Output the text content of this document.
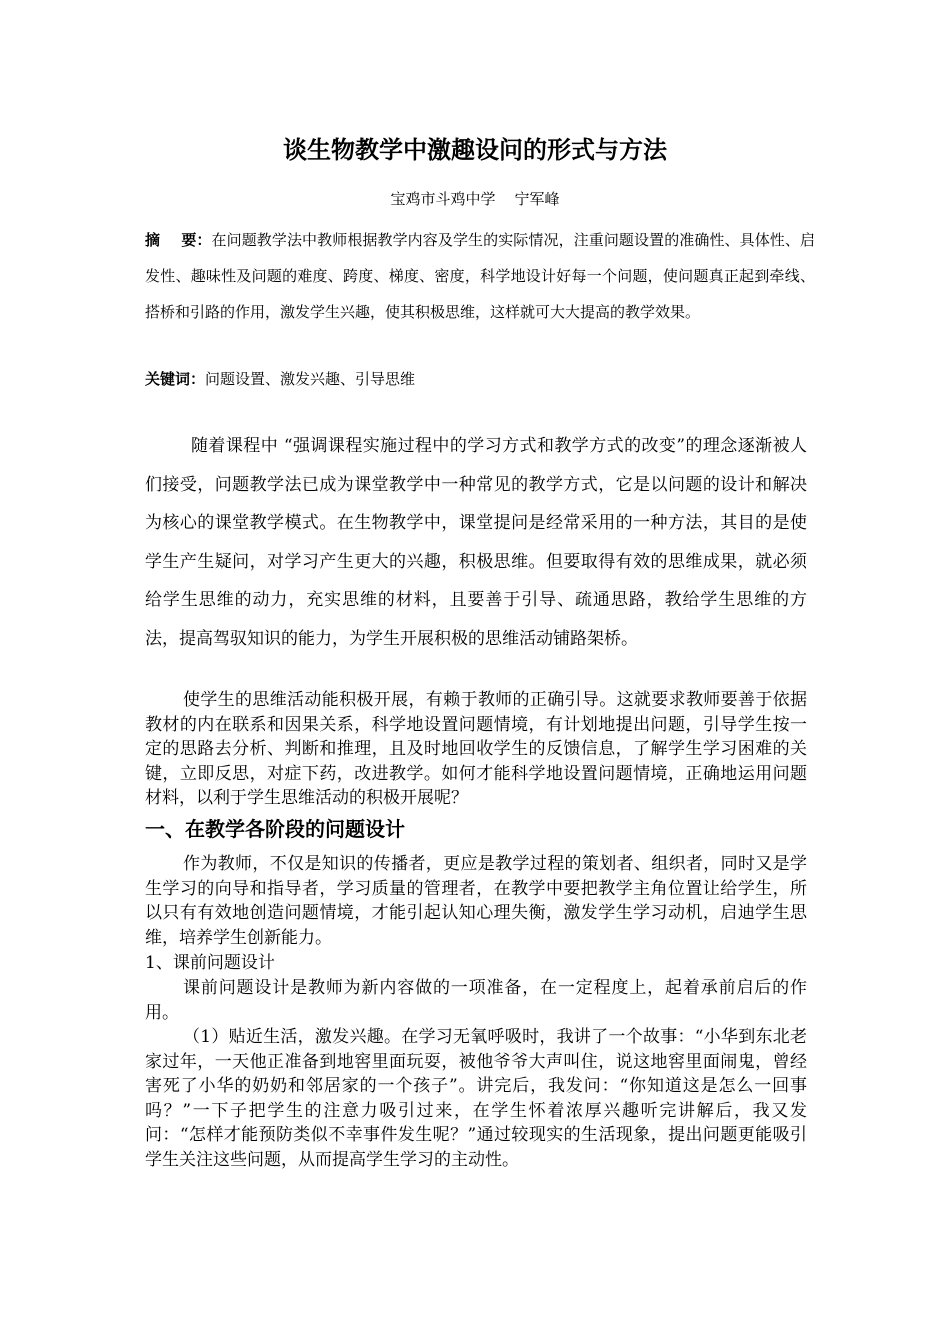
谈生物教学中激趣设问的形式与方法
宝鸡市斗鸡中学    宁军峰

摘    要：在问题教学法中教师根据教学内容及学生的实际情况，注重问题设置的准确性、具体性、启发性、趣味性及问题的难度、跨度、梯度、密度，科学地设计好每一个问题，使问题真正起到牵线、搭桥和引路的作用，激发学生兴趣，使其积极思维，这样就可大大提高的教学效果。

关键词：问题设置、激发兴趣、引导思维

随着课程中 “强调课程实施过程中的学习方式和教学方式的改变”的理念逐渐被人们接受，问题教学法已成为课堂教学中一种常见的教学方式，它是以问题的设计和解决为核心的课堂教学模式。在生物教学中，课堂提问是经常采用的一种方法，其目的是使学生产生疑问，对学习产生更大的兴趣，积极思维。但要取得有效的思维成果，就必须给学生思维的动力，充实思维的材料，且要善于引导、疏通思路，教给学生思维的方法，提高驾驭知识的能力，为学生开展积极的思维活动铺路架桥。

使学生的思维活动能积极开展，有赖于教师的正确引导。这就要求教师要善于依据教材的内在联系和因果关系，科学地设置问题情境，有计划地提出问题，引导学生按一定的思路去分析、判断和推理，且及时地回收学生的反馈信息，了解学生学习困难的关键，立即反思，对症下药，改进教学。如何才能科学地设置问题情境，正确地运用问题材料，以利于学生思维活动的积极开展呢？

一、在教学各阶段的问题设计

作为教师，不仅是知识的传播者，更应是教学过程的策划者、组织者，同时又是学生学习的向导和指导者，学习质量的管理者，在教学中要把教学主角位置让给学生，所以只有有效地创造问题情境，才能引起认知心理失衡，激发学生学习动机，启迪学生思维，培养学生创新能力。

1、课前问题设计

课前问题设计是教师为新内容做的一项准备，在一定程度上，起着承前启后的作用。

（1）贴近生活，激发兴趣。在学习无氧呼吸时，我讲了一个故事：“小华到东北老家过年，一天他正准备到地窖里面玩耍，被他爷爷大声叫住，说这地窖里面闹鬼，曾经害死了小华的奶奶和邻居家的一个孩子”。讲完后，我发问：“你知道这是怎么一回事吗？”一下子把学生的注意力吸引过来，在学生怀着浓厚兴趣听完讲解后，我又发问：“怎样才能预防类似不幸事件发生呢？”通过较现实的生活现象，提出问题更能吸引学生关注这些问题，从而提高学生学习的主动性。
